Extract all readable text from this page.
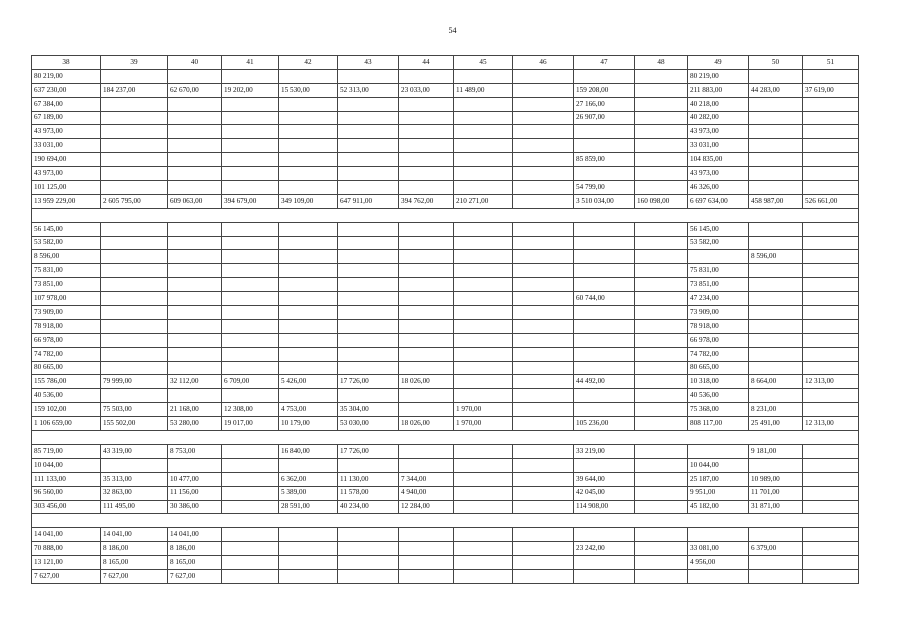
54
38	39	40	41	42	43	44	45	46	47	48	49	50	51
80 219,00											80 219,00		
637 230,00	184 237,00	62 670,00	19 202,00	15 530,00	52 313,00	23 033,00	11 489,00		159 208,00		211 883,00	44 283,00	37 619,00
67 384,00									27 166,00		40 218,00		
67 189,00									26 907,00		40 282,00		
43 973,00											43 973,00		
33 031,00											33 031,00		
190 694,00									85 859,00		104 835,00		
43 973,00											43 973,00		
101 125,00									54 799,00		46 326,00		
13 959 229,00	2 605 795,00	609 063,00	394 679,00	349 109,00	647 911,00	394 762,00	210 271,00		3 510 034,00	160 098,00	6 697 634,00	458 987,00	526 661,00

56 145,00											56 145,00		
53 582,00											53 582,00		
8 596,00												8 596,00	
75 831,00											75 831,00		
73 851,00											73 851,00		
107 978,00									60 744,00		47 234,00		
73 909,00											73 909,00		
78 918,00											78 918,00		
66 978,00											66 978,00		
74 782,00											74 782,00		
80 665,00											80 665,00		
155 786,00	79 999,00	32 112,00	6 709,00	5 426,00	17 726,00	18 026,00			44 492,00		10 318,00	8 664,00	12 313,00
40 536,00											40 536,00		
159 102,00	75 503,00	21 168,00	12 308,00	4 753,00	35 304,00		1 970,00				75 368,00	8 231,00	
1 106 659,00	155 502,00	53 280,00	19 017,00	10 179,00	53 030,00	18 026,00	1 970,00		105 236,00		808 117,00	25 491,00	12 313,00

85 719,00	43 319,00	8 753,00		16 840,00	17 726,00				33 219,00			9 181,00	
10 044,00											10 044,00		
111 133,00	35 313,00	10 477,00		6 362,00	11 130,00	7 344,00			39 644,00		25 187,00	10 989,00	
96 560,00	32 863,00	11 156,00		5 389,00	11 578,00	4 940,00			42 045,00		9 951,00	11 701,00	
303 456,00	111 495,00	30 386,00		28 591,00	40 234,00	12 284,00			114 908,00		45 182,00	31 871,00	

14 041,00	14 041,00	14 041,00											
70 888,00	8 186,00	8 186,00							23 242,00		33 081,00	6 379,00	
13 121,00	8 165,00	8 165,00									4 956,00		
7 627,00	7 627,00	7 627,00											
